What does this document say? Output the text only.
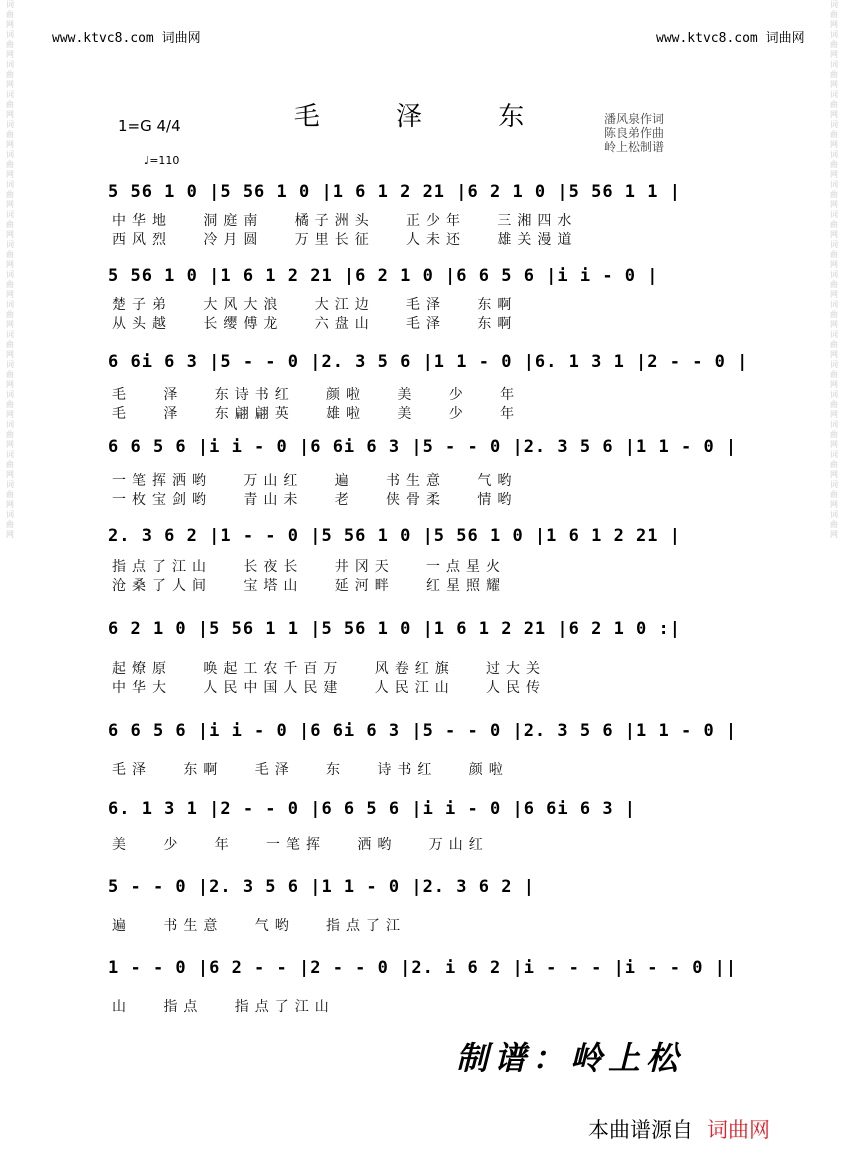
www.ktvc8.com 词曲网	www.ktvc8.com 词曲网
词
曲
网
词
曲
网
词
曲
网
词
曲
网
词
曲
网
词
曲
网
词
曲
网
词
曲
网
词
曲
网
词
曲
网
词
曲
网
词
曲
网
词
曲
网
词
曲
网
词
曲
网
词
曲
网
词
曲
网
词
曲
网
词
曲
网
词
曲
网
词
曲
网
词
曲
网
词
曲
网
词
曲
网
词
曲
网
词
曲
网
词
曲
网
词
曲
网
词
曲
网
词
曲
网
词
曲
网
词
曲
网
词
曲
网
词
曲
网
词
曲
网
词
曲
网
毛 泽 东
1=G 4/4
♩=110
潘风泉作词
陈良弟作曲
岭上松制谱
5 56 1 0 |5 56 1 0 |1 6 1 2 21 |6 2 1 0 |5 56 1 1 |
中华地   洞庭南   橘子洲头   正少年   三湘四水
西风烈   冷月圆   万里长征   人未还   雄关漫道
5 56 1 0 |1 6 1 2 21 |6 2 1 0 |6 6 5 6 |i i - 0 |
楚子弟   大风大浪   大江边   毛泽   东啊
从头越   长缨傅龙   六盘山   毛泽   东啊
6 6i 6 3 |5 - - 0 |2. 3 5 6 |1 1 - 0 |6. 1 3 1 |2 - - 0 |
毛   泽   东诗书红   颜啦   美   少   年
毛   泽   东翩翩英   雄啦   美   少   年
6 6 5 6 |i i - 0 |6 6i 6 3 |5 - - 0 |2. 3 5 6 |1 1 - 0 |
一笔挥洒哟   万山红   遍   书生意   气哟
一枚宝剑哟   青山未   老   侠骨柔   情哟
2. 3 6 2 |1 - - 0 |5 56 1 0 |5 56 1 0 |1 6 1 2 21 |
指点了江山   长夜长   井冈天   一点星火
沧桑了人间   宝塔山   延河畔   红星照耀
6 2 1 0 |5 56 1 1 |5 56 1 0 |1 6 1 2 21 |6 2 1 0 :|
起燎原   唤起工农千百万   风卷红旗   过大关
中华大   人民中国人民建   人民江山   人民传
6 6 5 6 |i i - 0 |6 6i 6 3 |5 - - 0 |2. 3 5 6 |1 1 - 0 |
毛泽   东啊   毛泽   东   诗书红   颜啦
6. 1 3 1 |2 - - 0 |6 6 5 6 |i i - 0 |6 6i 6 3 |
美   少   年   一笔挥   洒哟   万山红
5 - - 0 |2. 3 5 6 |1 1 - 0 |2. 3 6 2 |
遍   书生意   气哟   指点了江
1 - - 0 |6 2 - - |2 - - 0 |2. i 6 2 |i - - - |i - - 0 ||
山   指点   指点了江山
制谱：岭上松
本曲谱源自 词曲网
